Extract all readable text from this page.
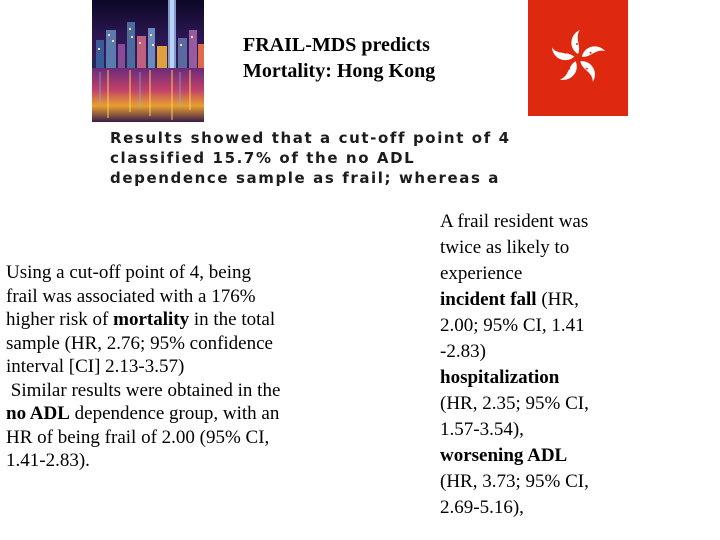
FRAIL-MDS predicts
Mortality: Hong Kong
Results showed that a cut-off point of 4
classified 15.7% of the no ADL
dependence sample as frail; whereas a

Using a cut-off point of 4, being
frail was associated with a 176%
higher risk of mortality in the total
sample (HR, 2.76; 95% confidence
interval [CI] 2.13-3.57)
Similar results were obtained in the
no ADL dependence group, with an
HR of being frail of 2.00 (95% CI,
1.41-2.83).

A frail resident was
twice as likely to
experience
incident fall (HR,
2.00; 95% CI, 1.41
-2.83)
hospitalization
(HR, 2.35; 95% CI,
1.57-3.54),
worsening ADL
(HR, 3.73; 95% CI,
2.69-5.16),
